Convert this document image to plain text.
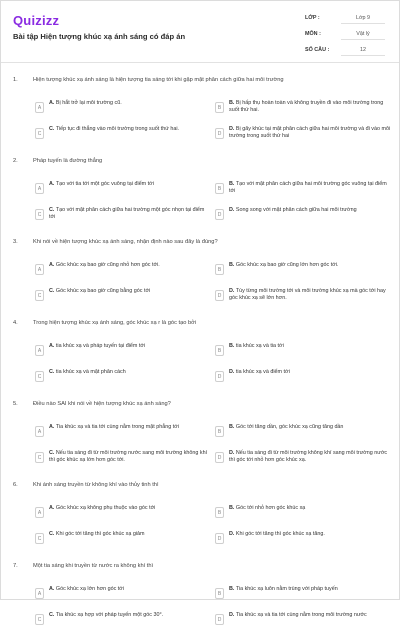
Quizizz
Bài tập Hiện tượng khúc xạ ánh sáng có đáp án
LỚP :	Lớp 9
MÔN :	Vật lý
SỐ CÂU :	12
1.	Hiện tượng khúc xạ ánh sáng là hiện tượng tia sáng tới khi gặp mặt phân cách giữa hai môi trường
A
A. Bị hắt trở lại môi trường cũ.
B
B. Bị hấp thụ hoàn toàn và không truyền đi vào môi trường trong suốt thứ hai.
C
C. Tiếp tục đi thẳng vào môi trường trong suốt thứ hai.
D
D. Bị gãy khúc tại mặt phân cách giữa hai môi trường và đi vào môi trường trong suốt thứ hai
2.	Pháp tuyến là đường thẳng
A
A. Tạo với tia tới một góc vuông tại điểm tới
B
B. Tạo với mặt phân cách giữa hai môi trường góc vuông tại điểm tới
C
C. Tạo với mặt phân cách giữa hai trường một góc nhọn tại điểm tới	D
D. Song song với mặt phân cách giữa hai môi trường
3.	Khi nói về hiện tượng khúc xạ ánh sáng, nhận định nào sau đây là đúng?
A
A. Góc khúc xạ bao giờ cũng nhỏ hơn góc tới.
B
B. Góc khúc xạ bao giờ cũng lớn hơn góc tới.
C
C. Góc khúc xạ bao giờ cũng bằng góc tới
D
D. Tùy từng môi trường tới và môi trường khúc xạ mà góc tới hay góc khúc xạ sẽ lớn hơn.
4.	Trong hiện tượng khúc xạ ánh sáng, góc khúc xạ r là góc tạo bởi
A
A. tia khúc xạ và pháp tuyến tại điểm tới
B
B. tia khúc xạ và tia tới
C
C. tia khúc xạ và mặt phân cách
D
D. tia khúc xạ và điểm tới
5.	Điều nào SAI khi nói về hiện tượng khúc xạ ánh sáng?
A
A. Tia khúc xạ và tia tới cùng nằm trong mặt phẳng tới
B
B. Góc tới tăng dần, góc khúc xạ cũng tăng dần
C
C. Nếu tia sáng đi từ môi trường nước sang môi trường không khí thì góc khúc xạ lớn hơn góc tới.	D
D. Nếu tia sáng đi từ môi trường không khí sang môi trường nước thì góc tới nhỏ hơn góc khúc xạ.
6.	Khi ánh sáng truyền từ không khí vào thủy tinh thì
A
A. Góc khúc xạ không phụ thuộc vào góc tới
B
B. Góc tới nhỏ hơn góc khúc xạ
C
C. Khi góc tới tăng thì góc khúc xạ giảm
D
D. Khi góc tới tăng thì góc khúc xạ tăng.
7.	Một tia sáng khi truyền từ nước ra không khí thì
A
A. Góc khúc xạ lớn hơn góc tới
B
B. Tia khúc xạ luôn nằm trùng với pháp tuyến
C
C. Tia khúc xạ hợp với pháp tuyến một góc 30°.
D
D. Tia khúc xạ và tia tới cùng nằm trong môi trường nước
